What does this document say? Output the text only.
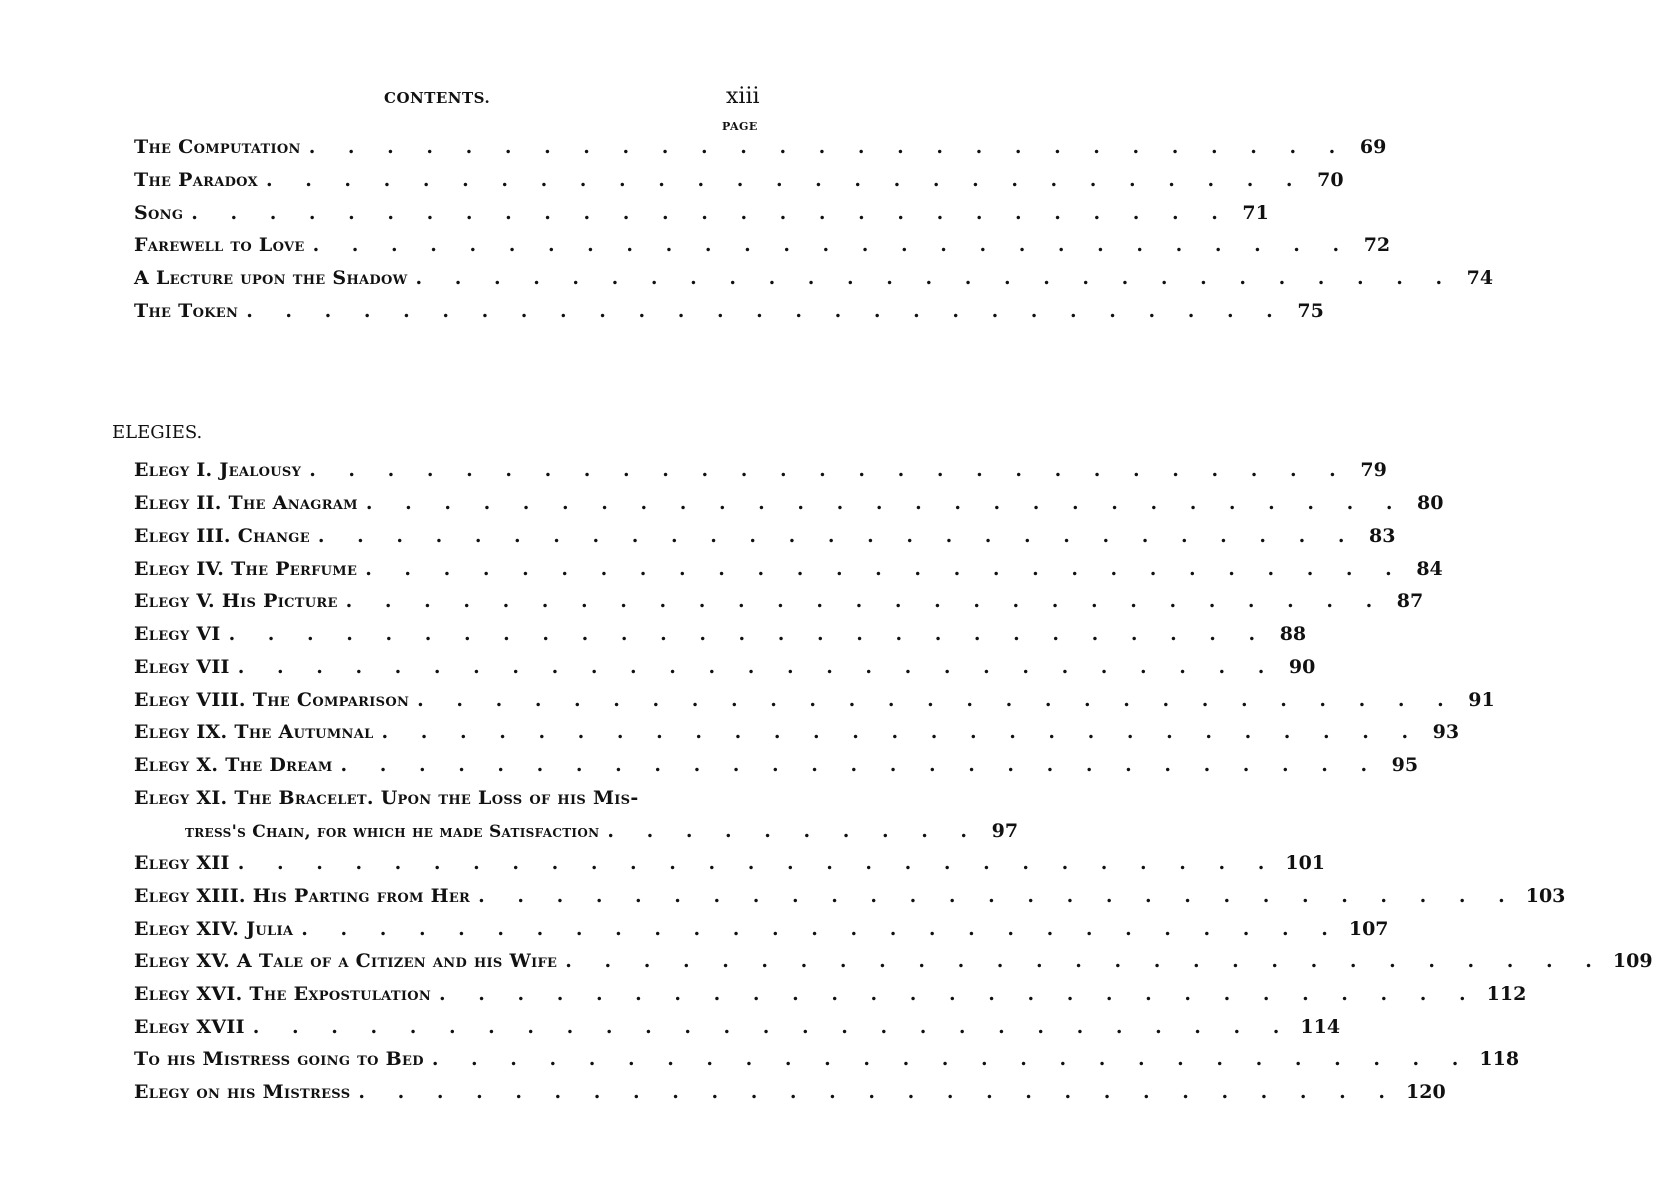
CONTENTS.	xiii
PAGE
The Computation . . . . . . . . . . . . . . . . . . . . . . . . . . . 69
The Paradox . . . . . . . . . . . . . . . . . . . . . . . . . . . 70
Song . . . . . . . . . . . . . . . . . . . . . . . . . . . 71
Farewell to Love . . . . . . . . . . . . . . . . . . . . . . . . . . . 72
A Lecture upon the Shadow . . . . . . . . . . . . . . . . . . . . . . . . . . . 74
The Token . . . . . . . . . . . . . . . . . . . . . . . . . . . 75
ELEGIES.
Elegy I. Jealousy . . . . . . . . . . . . . . . . . . . . . . . . . . . 79
Elegy II. The Anagram . . . . . . . . . . . . . . . . . . . . . . . . . . . 80
Elegy III. Change . . . . . . . . . . . . . . . . . . . . . . . . . . . 83
Elegy IV. The Perfume . . . . . . . . . . . . . . . . . . . . . . . . . . . 84
Elegy V. His Picture . . . . . . . . . . . . . . . . . . . . . . . . . . . 87
Elegy VI . . . . . . . . . . . . . . . . . . . . . . . . . . . 88
Elegy VII . . . . . . . . . . . . . . . . . . . . . . . . . . . 90
Elegy VIII. The Comparison . . . . . . . . . . . . . . . . . . . . . . . . . . . 91
Elegy IX. The Autumnal . . . . . . . . . . . . . . . . . . . . . . . . . . . 93
Elegy X. The Dream . . . . . . . . . . . . . . . . . . . . . . . . . . . 95
Elegy XI. The Bracelet. Upon the Loss of his Mis-
tress's Chain, for which he made Satisfaction . . . . . . . . . . 97
Elegy XII . . . . . . . . . . . . . . . . . . . . . . . . . . . 101
Elegy XIII. His Parting from Her . . . . . . . . . . . . . . . . . . . . . . . . . . . 103
Elegy XIV. Julia . . . . . . . . . . . . . . . . . . . . . . . . . . . 107
Elegy XV. A Tale of a Citizen and his Wife . . . . . . . . . . . . . . . . . . . . . . . . . . . 109
Elegy XVI. The Expostulation . . . . . . . . . . . . . . . . . . . . . . . . . . . 112
Elegy XVII . . . . . . . . . . . . . . . . . . . . . . . . . . . 114
To his Mistress going to Bed . . . . . . . . . . . . . . . . . . . . . . . . . . . 118
Elegy on his Mistress . . . . . . . . . . . . . . . . . . . . . . . . . . . 120
